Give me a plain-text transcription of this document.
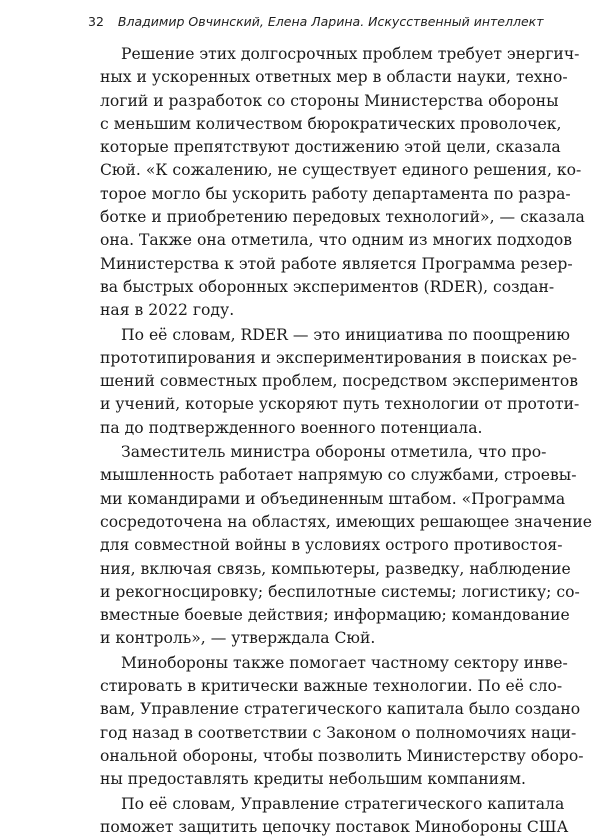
32 Владимир Овчинский, Елена Ларина. Искусственный интеллект
Решение этих долгосрочных проблем требует энергич-
ных и ускоренных ответных мер в области науки, техно-
логий и разработок со стороны Министерства обороны
с меньшим количеством бюрократических проволочек,
которые препятствуют достижению этой цели, сказала
Сюй. «К сожалению, не существует единого решения, ко-
торое могло бы ускорить работу департамента по разра-
ботке и приобретению передовых технологий», — сказала
она. Также она отметила, что одним из многих подходов
Министерства к этой работе является Программа резер-
ва быстрых оборонных экспериментов (RDER), создан-
ная в 2022 году.
По её словам, RDER — это инициатива по поощрению
прототипирования и экспериментирования в поисках ре-
шений совместных проблем, посредством экспериментов
и учений, которые ускоряют путь технологии от прототи-
па до подтвержденного военного потенциала.
Заместитель министра обороны отметила, что про-
мышленность работает напрямую со службами, строевы-
ми командирами и объединенным штабом. «Программа
сосредоточена на областях, имеющих решающее значение
для совместной войны в условиях острого противостоя-
ния, включая связь, компьютеры, разведку, наблюдение
и рекогносцировку; беспилотные системы; логистику; со-
вместные боевые действия; информацию; командование
и контроль», — утверждала Сюй.
Минобороны также помогает частному сектору инве-
стировать в критически важные технологии. По её сло-
вам, Управление стратегического капитала было создано
год назад в соответствии с Законом о полномочиях наци-
ональной обороны, чтобы позволить Министерству оборо-
ны предоставлять кредиты небольшим компаниям.
По её словам, Управление стратегического капитала
поможет защитить цепочку поставок Минобороны США
